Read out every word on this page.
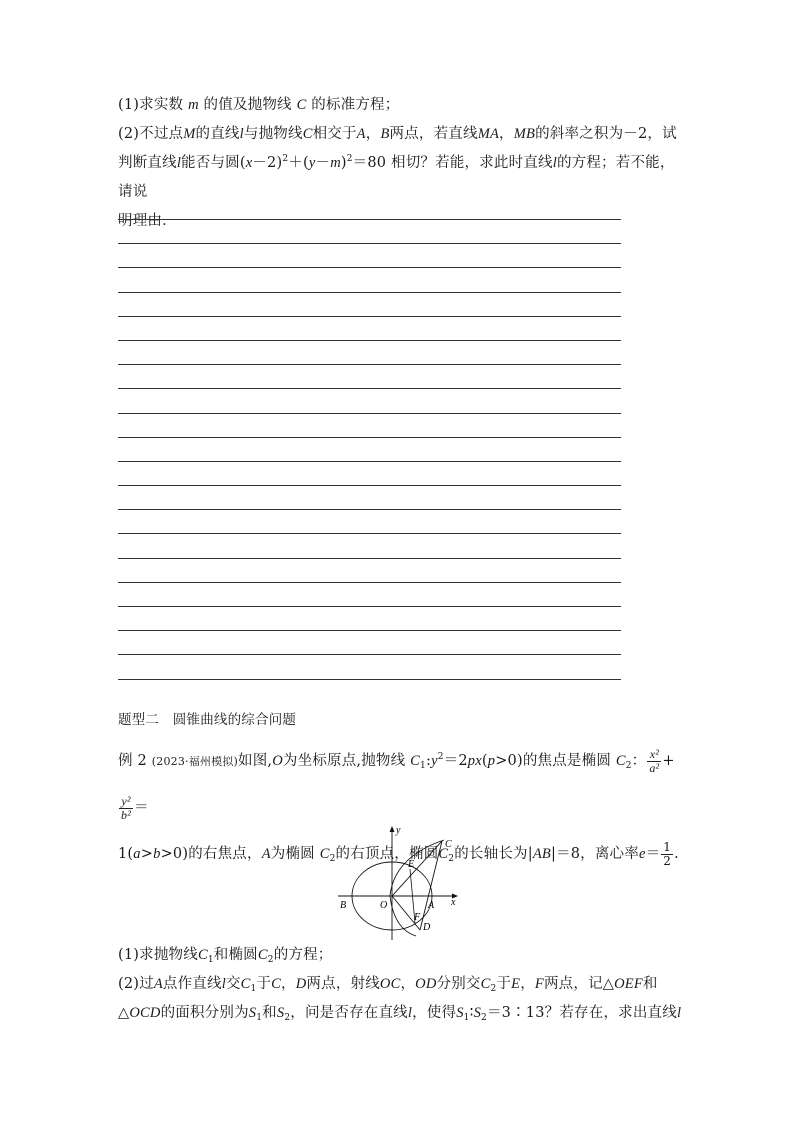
(1)求实数 m 的值及抛物线 C 的标准方程；
(2)不过点M的直线l与抛物线C相交于A，B两点，若直线MA，MB的斜率之积为－2，试
判断直线l能否与圆$(x-2)^2+(y-m)^2=80$ 相切？若能，求此时直线l的方程；若不能，请说
明理由．
题型二　圆锥曲线的综合问题
例 2 (2023·福州模拟)如图,O为坐标原点,抛物线 $C_1:y^2=2px(p>0)$的焦点是椭圆 $C_2$： $\frac{\text{x²}}{\text{a²}}$ +
$\frac{\text{y²}}{\text{b²}}$ ＝
1(a>b>0)的右焦点，A为椭圆 $C_2$的右顶点，椭圆$C_2$的长轴长为|AB|＝8，离心率$e= \frac{1}{2}$ .
y
x
O	A
B
C
D
E
F
(1)求抛物线$C_1$和椭圆$C_2$的方程；
(2)过A点作直线l交$C_1$于C，D两点，射线OC，OD分别交$C_2$于E，F两点，记△OEF和
△OCD的面积分别为$S_1$和$S_2$，问是否存在直线l，使得$S_1∶S_2=3∶13$？若存在，求出直线l
